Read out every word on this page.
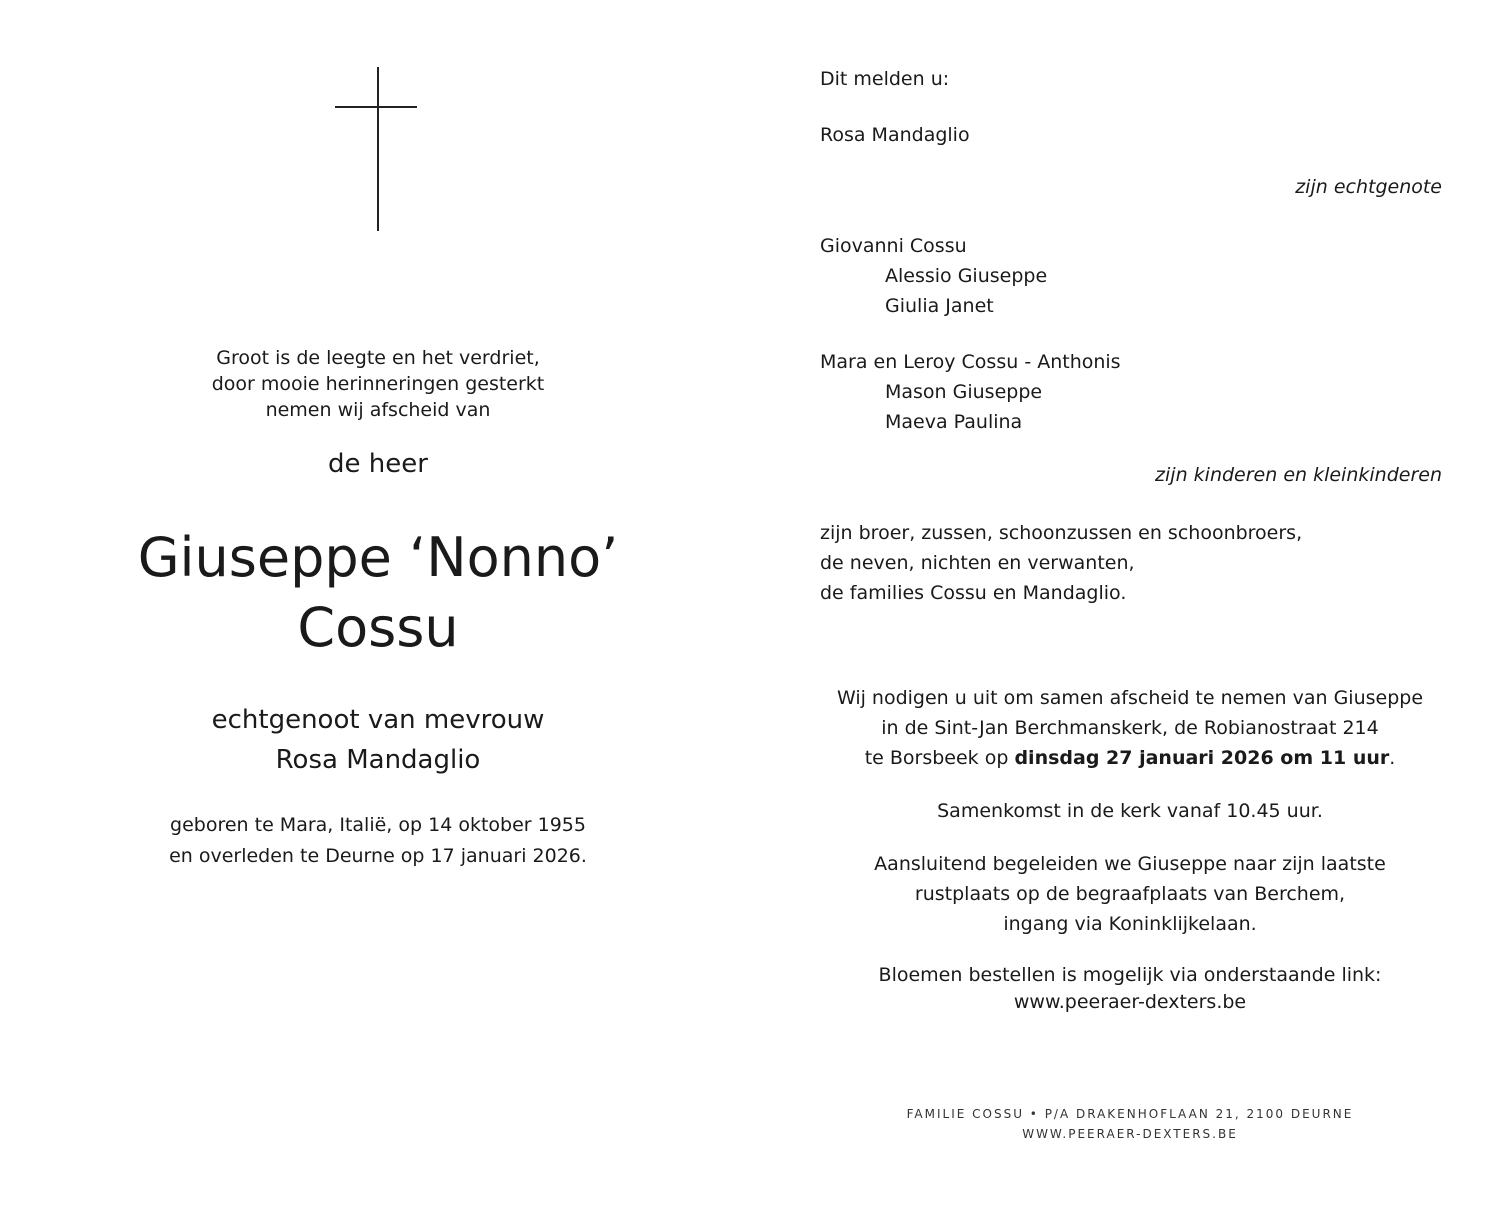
Groot is de leegte en het verdriet,
door mooie herinneringen gesterkt
nemen wij afscheid van
de heer
Giuseppe ‘Nonno’
Cossu
echtgenoot van mevrouw
Rosa Mandaglio
geboren te Mara, Italië, op 14 oktober 1955
en overleden te Deurne op 17 januari 2026.
Dit melden u:
Rosa Mandaglio
zijn echtgenote
Giovanni Cossu
Alessio Giuseppe
Giulia Janet
Mara en Leroy Cossu - Anthonis
Mason Giuseppe
Maeva Paulina
zijn kinderen en kleinkinderen
zijn broer, zussen, schoonzussen en schoonbroers,
de neven, nichten en verwanten,
de families Cossu en Mandaglio.
Wij nodigen u uit om samen afscheid te nemen van Giuseppe
in de Sint-Jan Berchmanskerk, de Robianostraat 214
te Borsbeek op dinsdag 27 januari 2026 om 11 uur.
Samenkomst in de kerk vanaf 10.45 uur.
Aansluitend begeleiden we Giuseppe naar zijn laatste
rustplaats op de begraafplaats van Berchem,
ingang via Koninklijkelaan.
Bloemen bestellen is mogelijk via onderstaande link:
www.peeraer-dexters.be
FAMILIE COSSU • P/A DRAKENHOFLAAN 21, 2100 DEURNE
WWW.PEERAER-DEXTERS.BE
